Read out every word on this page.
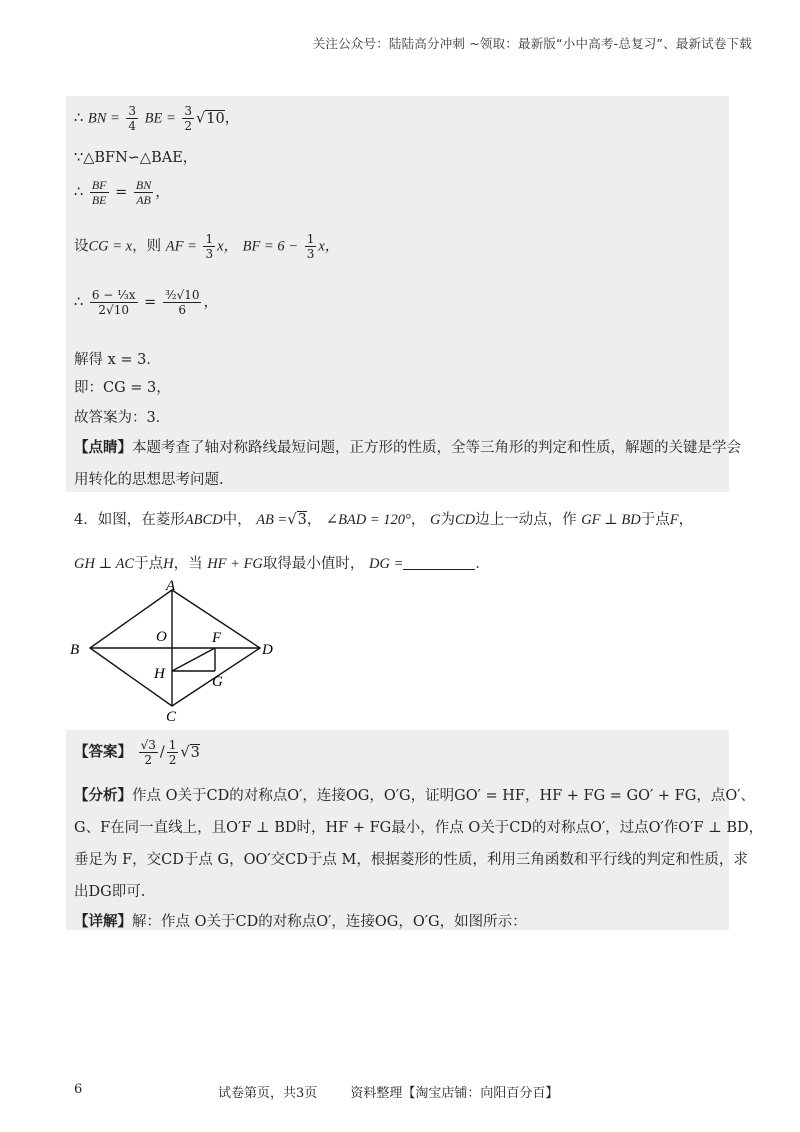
关注公众号：陆陆高分冲刺 ~领取：最新版“小中高考-总复习”、最新试卷下载
∴ BN = $\frac{3}{4}$ BE = $\frac{3}{2} √10$，
∵△BFN∽△BAE，
∴ $\frac{BF}{BE} = \frac{BN}{AB}$ ，
设CG = x，则 AF = $\frac{1}{3}$ x， BF = $6 - \frac{1}{3}$ x，
∴ $\frac{\text{6 − ⅓x}}{2√10} = \frac{\text{³⁄₂√10}}{6}$ ，
解得 x = 3．
即：CG = 3，
故答案为：3．
【点睛】本题考查了轴对称路线最短问题，正方形的性质，全等三角形的判定和性质，解题的关键是学会
用转化的思想思考问题.
4．如图，在菱形ABCD中， AB =√3， ∠BAD = 120°， G为CD边上一动点，作 GF ⊥ BD于点F，
GH ⊥ AC于点H，当 HF + FG取得最小值时， DG =	．
A
B
C
D
O	F
H	G
【答案】 $\frac{√3}{2} / \frac{1}{2} √3$
【分析】作点 O关于CD的对称点O′，连接OG，O′G，证明GO′ = HF，HF + FG = GO′ + FG，点O′、
G、F在同一直线上，且O′F ⊥ BD时，HF + FG最小，作点 O关于CD的对称点O′，过点O′作O′F ⊥ BD，
垂足为 F，交CD于点 G，OO′交CD于点 M，根据菱形的性质，利用三角函数和平行线的判定和性质，求
出DG即可.
【详解】解：作点 O关于CD的对称点O′，连接OG，O′G，如图所示：
6	试卷第页，共3页        资料整理【淘宝店铺：向阳百分百】
